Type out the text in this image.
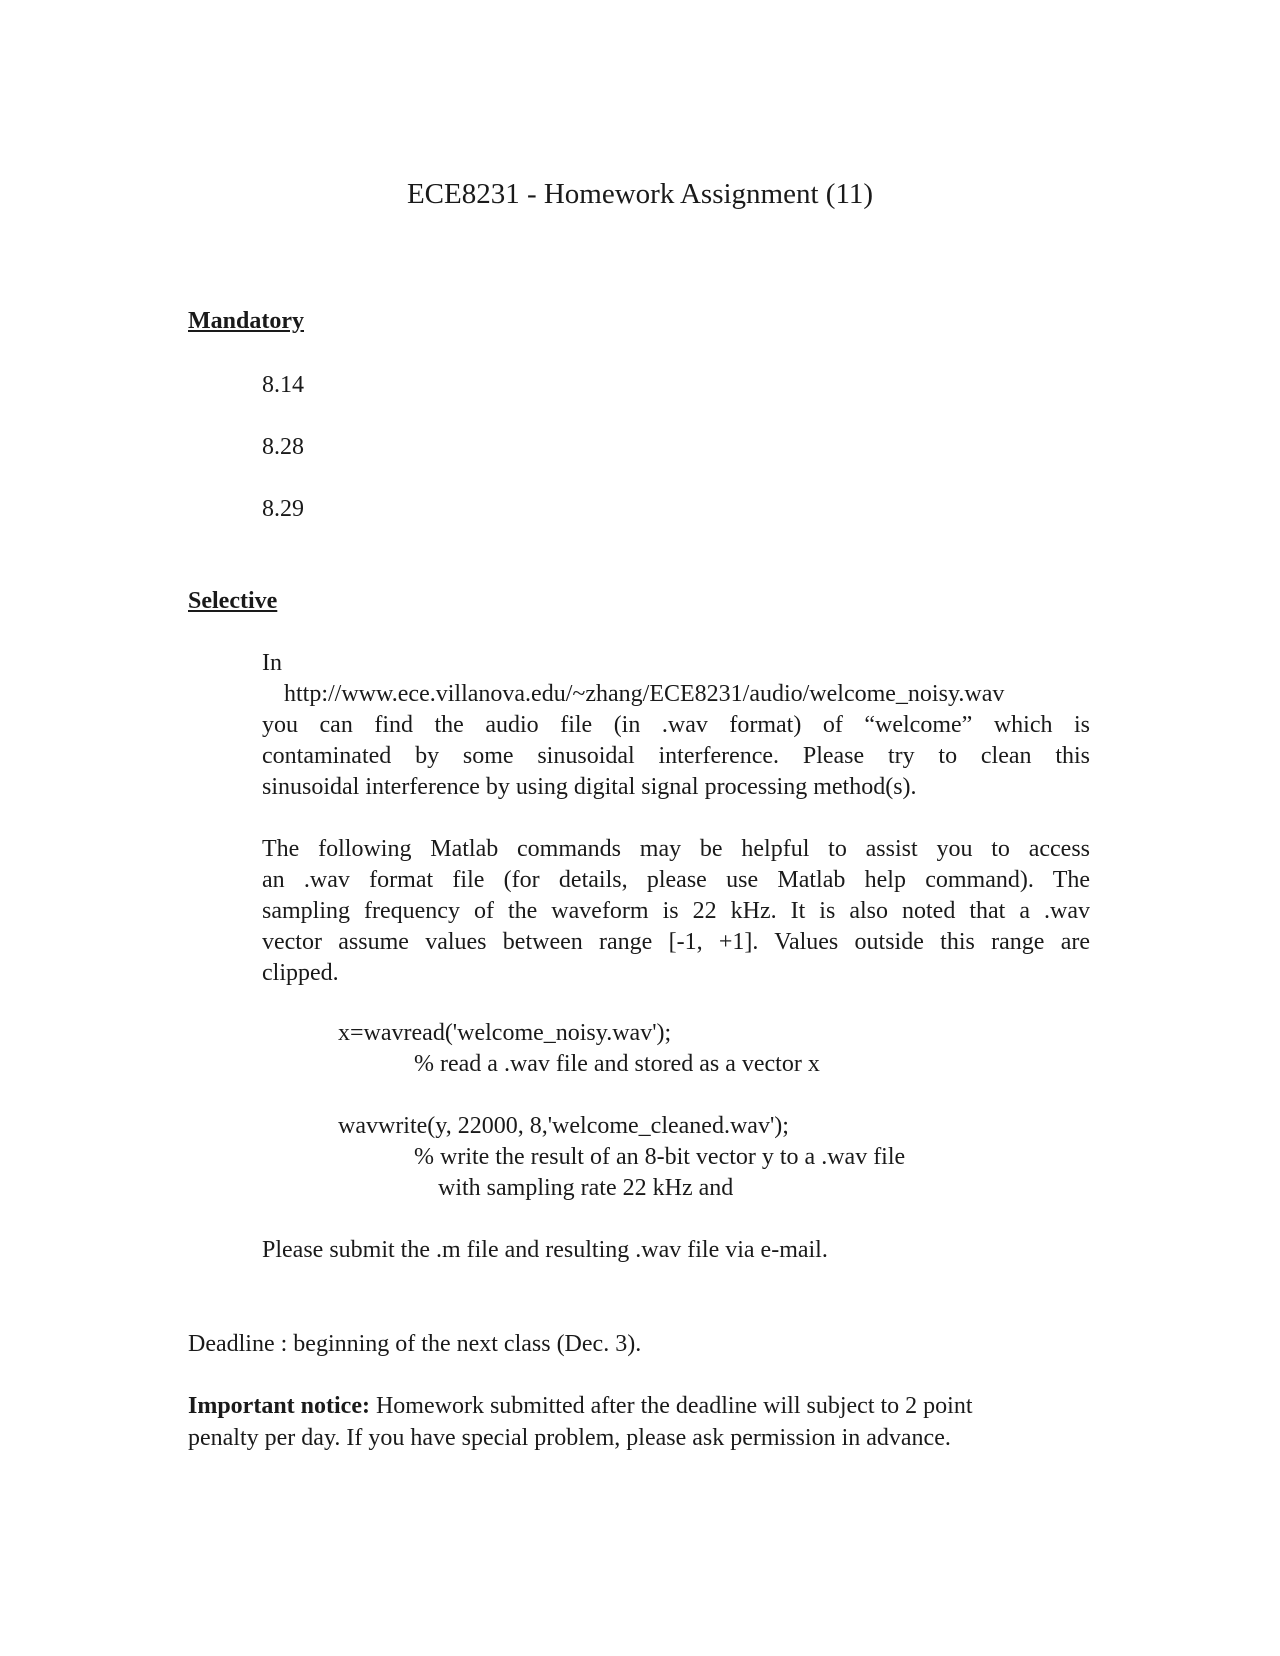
ECE8231 - Homework Assignment (11)
Mandatory
8.14
8.28
8.29
Selective
In
http://www.ece.villanova.edu/~zhang/ECE8231/audio/welcome_noisy.wav
you can find the audio file (in .wav format) of “welcome” which is
contaminated by some sinusoidal interference. Please try to clean this
sinusoidal interference by using digital signal processing method(s).
The following Matlab commands may be helpful to assist you to access
an .wav format file (for details, please use Matlab help command). The
sampling frequency of the waveform is 22 kHz. It is also noted that a .wav
vector assume values between range [-1, +1]. Values outside this range are
clipped.
x=wavread('welcome_noisy.wav');
% read a .wav file and stored as a vector x
wavwrite(y, 22000, 8,'welcome_cleaned.wav');
% write the result of an 8-bit vector y to a .wav file
with sampling rate 22 kHz and
Please submit the .m file and resulting .wav file via e-mail.
Deadline : beginning of the next class (Dec. 3).
Important notice: Homework submitted after the deadline will subject to 2 point
penalty per day. If you have special problem, please ask permission in advance.
